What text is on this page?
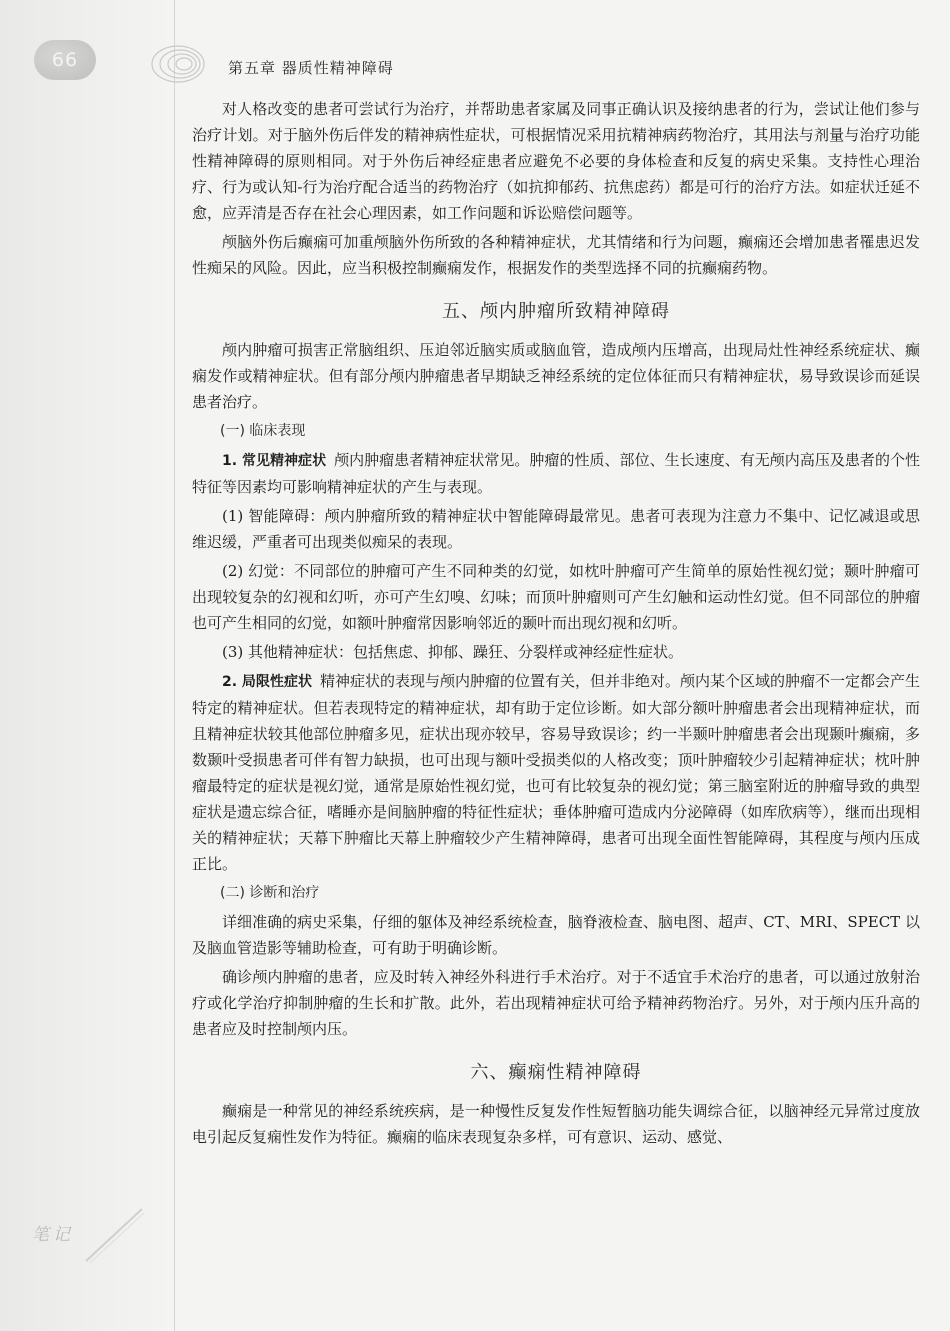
66	第五章 器质性精神障碍

对人格改变的患者可尝试行为治疗，并帮助患者家属及同事正确认识及接纳患者的行为，尝试让他们参与治疗计划。对于脑外伤后伴发的精神病性症状，可根据情况采用抗精神病药物治疗，其用法与剂量与治疗功能性精神障碍的原则相同。对于外伤后神经症患者应避免不必要的身体检查和反复的病史采集。支持性心理治疗、行为或认知-行为治疗配合适当的药物治疗（如抗抑郁药、抗焦虑药）都是可行的治疗方法。如症状迁延不愈，应弄清是否存在社会心理因素，如工作问题和诉讼赔偿问题等。

颅脑外伤后癫痫可加重颅脑外伤所致的各种精神症状，尤其情绪和行为问题，癫痫还会增加患者罹患迟发性痴呆的风险。因此，应当积极控制癫痫发作，根据发作的类型选择不同的抗癫痫药物。

五、颅内肿瘤所致精神障碍

颅内肿瘤可损害正常脑组织、压迫邻近脑实质或脑血管，造成颅内压增高，出现局灶性神经系统症状、癫痫发作或精神症状。但有部分颅内肿瘤患者早期缺乏神经系统的定位体征而只有精神症状，易导致误诊而延误患者治疗。

(一) 临床表现

1. 常见精神症状 颅内肿瘤患者精神症状常见。肿瘤的性质、部位、生长速度、有无颅内高压及患者的个性特征等因素均可影响精神症状的产生与表现。

(1) 智能障碍：颅内肿瘤所致的精神症状中智能障碍最常见。患者可表现为注意力不集中、记忆减退或思维迟缓，严重者可出现类似痴呆的表现。

(2) 幻觉：不同部位的肿瘤可产生不同种类的幻觉，如枕叶肿瘤可产生简单的原始性视幻觉；颞叶肿瘤可出现较复杂的幻视和幻听，亦可产生幻嗅、幻味；而顶叶肿瘤则可产生幻触和运动性幻觉。但不同部位的肿瘤也可产生相同的幻觉，如额叶肿瘤常因影响邻近的颞叶而出现幻视和幻听。

(3) 其他精神症状：包括焦虑、抑郁、躁狂、分裂样或神经症性症状。

2. 局限性症状 精神症状的表现与颅内肿瘤的位置有关，但并非绝对。颅内某个区域的肿瘤不一定都会产生特定的精神症状。但若表现特定的精神症状，却有助于定位诊断。如大部分额叶肿瘤患者会出现精神症状，而且精神症状较其他部位肿瘤多见，症状出现亦较早，容易导致误诊；约一半颞叶肿瘤患者会出现颞叶癫痫，多数颞叶受损患者可伴有智力缺损，也可出现与额叶受损类似的人格改变；顶叶肿瘤较少引起精神症状；枕叶肿瘤最特定的症状是视幻觉，通常是原始性视幻觉，也可有比较复杂的视幻觉；第三脑室附近的肿瘤导致的典型症状是遗忘综合征，嗜睡亦是间脑肿瘤的特征性症状；垂体肿瘤可造成内分泌障碍（如库欣病等），继而出现相关的精神症状；天幕下肿瘤比天幕上肿瘤较少产生精神障碍，患者可出现全面性智能障碍，其程度与颅内压成正比。

(二) 诊断和治疗

详细准确的病史采集，仔细的躯体及神经系统检查，脑脊液检查、脑电图、超声、CT、MRI、SPECT 以及脑血管造影等辅助检查，可有助于明确诊断。

确诊颅内肿瘤的患者，应及时转入神经外科进行手术治疗。对于不适宜手术治疗的患者，可以通过放射治疗或化学治疗抑制肿瘤的生长和扩散。此外，若出现精神症状可给予精神药物治疗。另外，对于颅内压升高的患者应及时控制颅内压。

六、癫痫性精神障碍

癫痫是一种常见的神经系统疾病，是一种慢性反复发作性短暂脑功能失调综合征，以脑神经元异常过度放电引起反复痫性发作为特征。癫痫的临床表现复杂多样，可有意识、运动、感觉、

笔记
